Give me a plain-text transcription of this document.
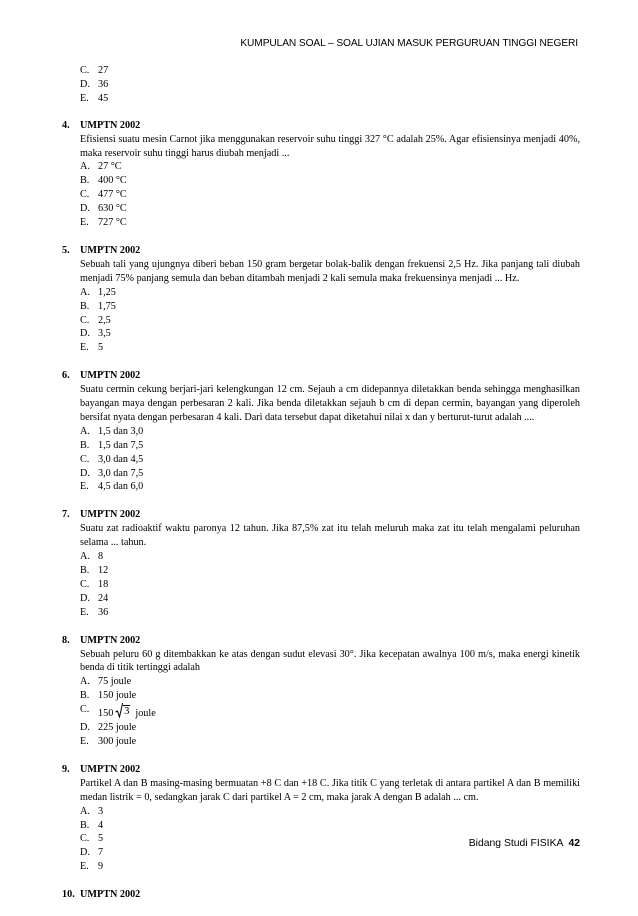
KUMPULAN SOAL – SOAL UJIAN MASUK PERGURUAN TINGGI NEGERI
C. 27
D. 36
E. 45
4. UMPTN 2002
Efisiensi suatu mesin Carnot jika menggunakan reservoir suhu tinggi 327 °C adalah 25%. Agar efisiensinya menjadi 40%, maka reservoir suhu tinggi harus diubah menjadi ...
A. 27 °C
B. 400 °C
C. 477 °C
D. 630 °C
E. 727 °C
5. UMPTN 2002
Sebuah tali yang ujungnya diberi beban 150 gram bergetar bolak-balik dengan frekuensi 2,5 Hz. Jika panjang tali diubah menjadi 75% panjang semula dan beban ditambah menjadi 2 kali semula maka frekuensinya menjadi ... Hz.
A. 1,25
B. 1,75
C. 2,5
D. 3,5
E. 5
6. UMPTN 2002
Suatu cermin cekung berjari-jari kelengkungan 12 cm. Sejauh a cm didepannya diletakkan benda sehingga menghasilkan bayangan maya dengan perbesaran 2 kali. Jika benda diletakkan sejauh b cm di depan cermin, bayangan yang diperoleh bersifat nyata dengan perbesaran 4 kali. Dari data tersebut dapat diketahui nilai x dan y berturut-turut adalah ....
A. 1,5 dan 3,0
B. 1,5 dan 7,5
C. 3,0 dan 4,5
D. 3,0 dan 7,5
E. 4,5 dan 6,0
7. UMPTN 2002
Suatu zat radioaktif waktu paronya 12 tahun. Jika 87,5% zat itu telah meluruh maka zat itu telah mengalami peluruhan selama ... tahun.
A. 8
B. 12
C. 18
D. 24
E. 36
8. UMPTN 2002
Sebuah peluru 60 g ditembakkan ke atas dengan sudut elevasi 30°. Jika kecepatan awalnya 100 m/s, maka energi kinetik benda di titik tertinggi adalah
A. 75 joule
B. 150 joule
C. 150 3 joule
D. 225 joule
E. 300 joule
9. UMPTN 2002
Partikel A dan B masing-masing bermuatan +8 C dan +18 C. Jika titik C yang terletak di antara partikel A dan B memiliki medan listrik = 0, sedangkan jarak C dari partikel A = 2 cm, maka jarak A dengan B adalah ... cm.
A. 3
B. 4
C. 5
D. 7
E. 9
10. UMPTN 2002
Bidang Studi FISIKA 42
